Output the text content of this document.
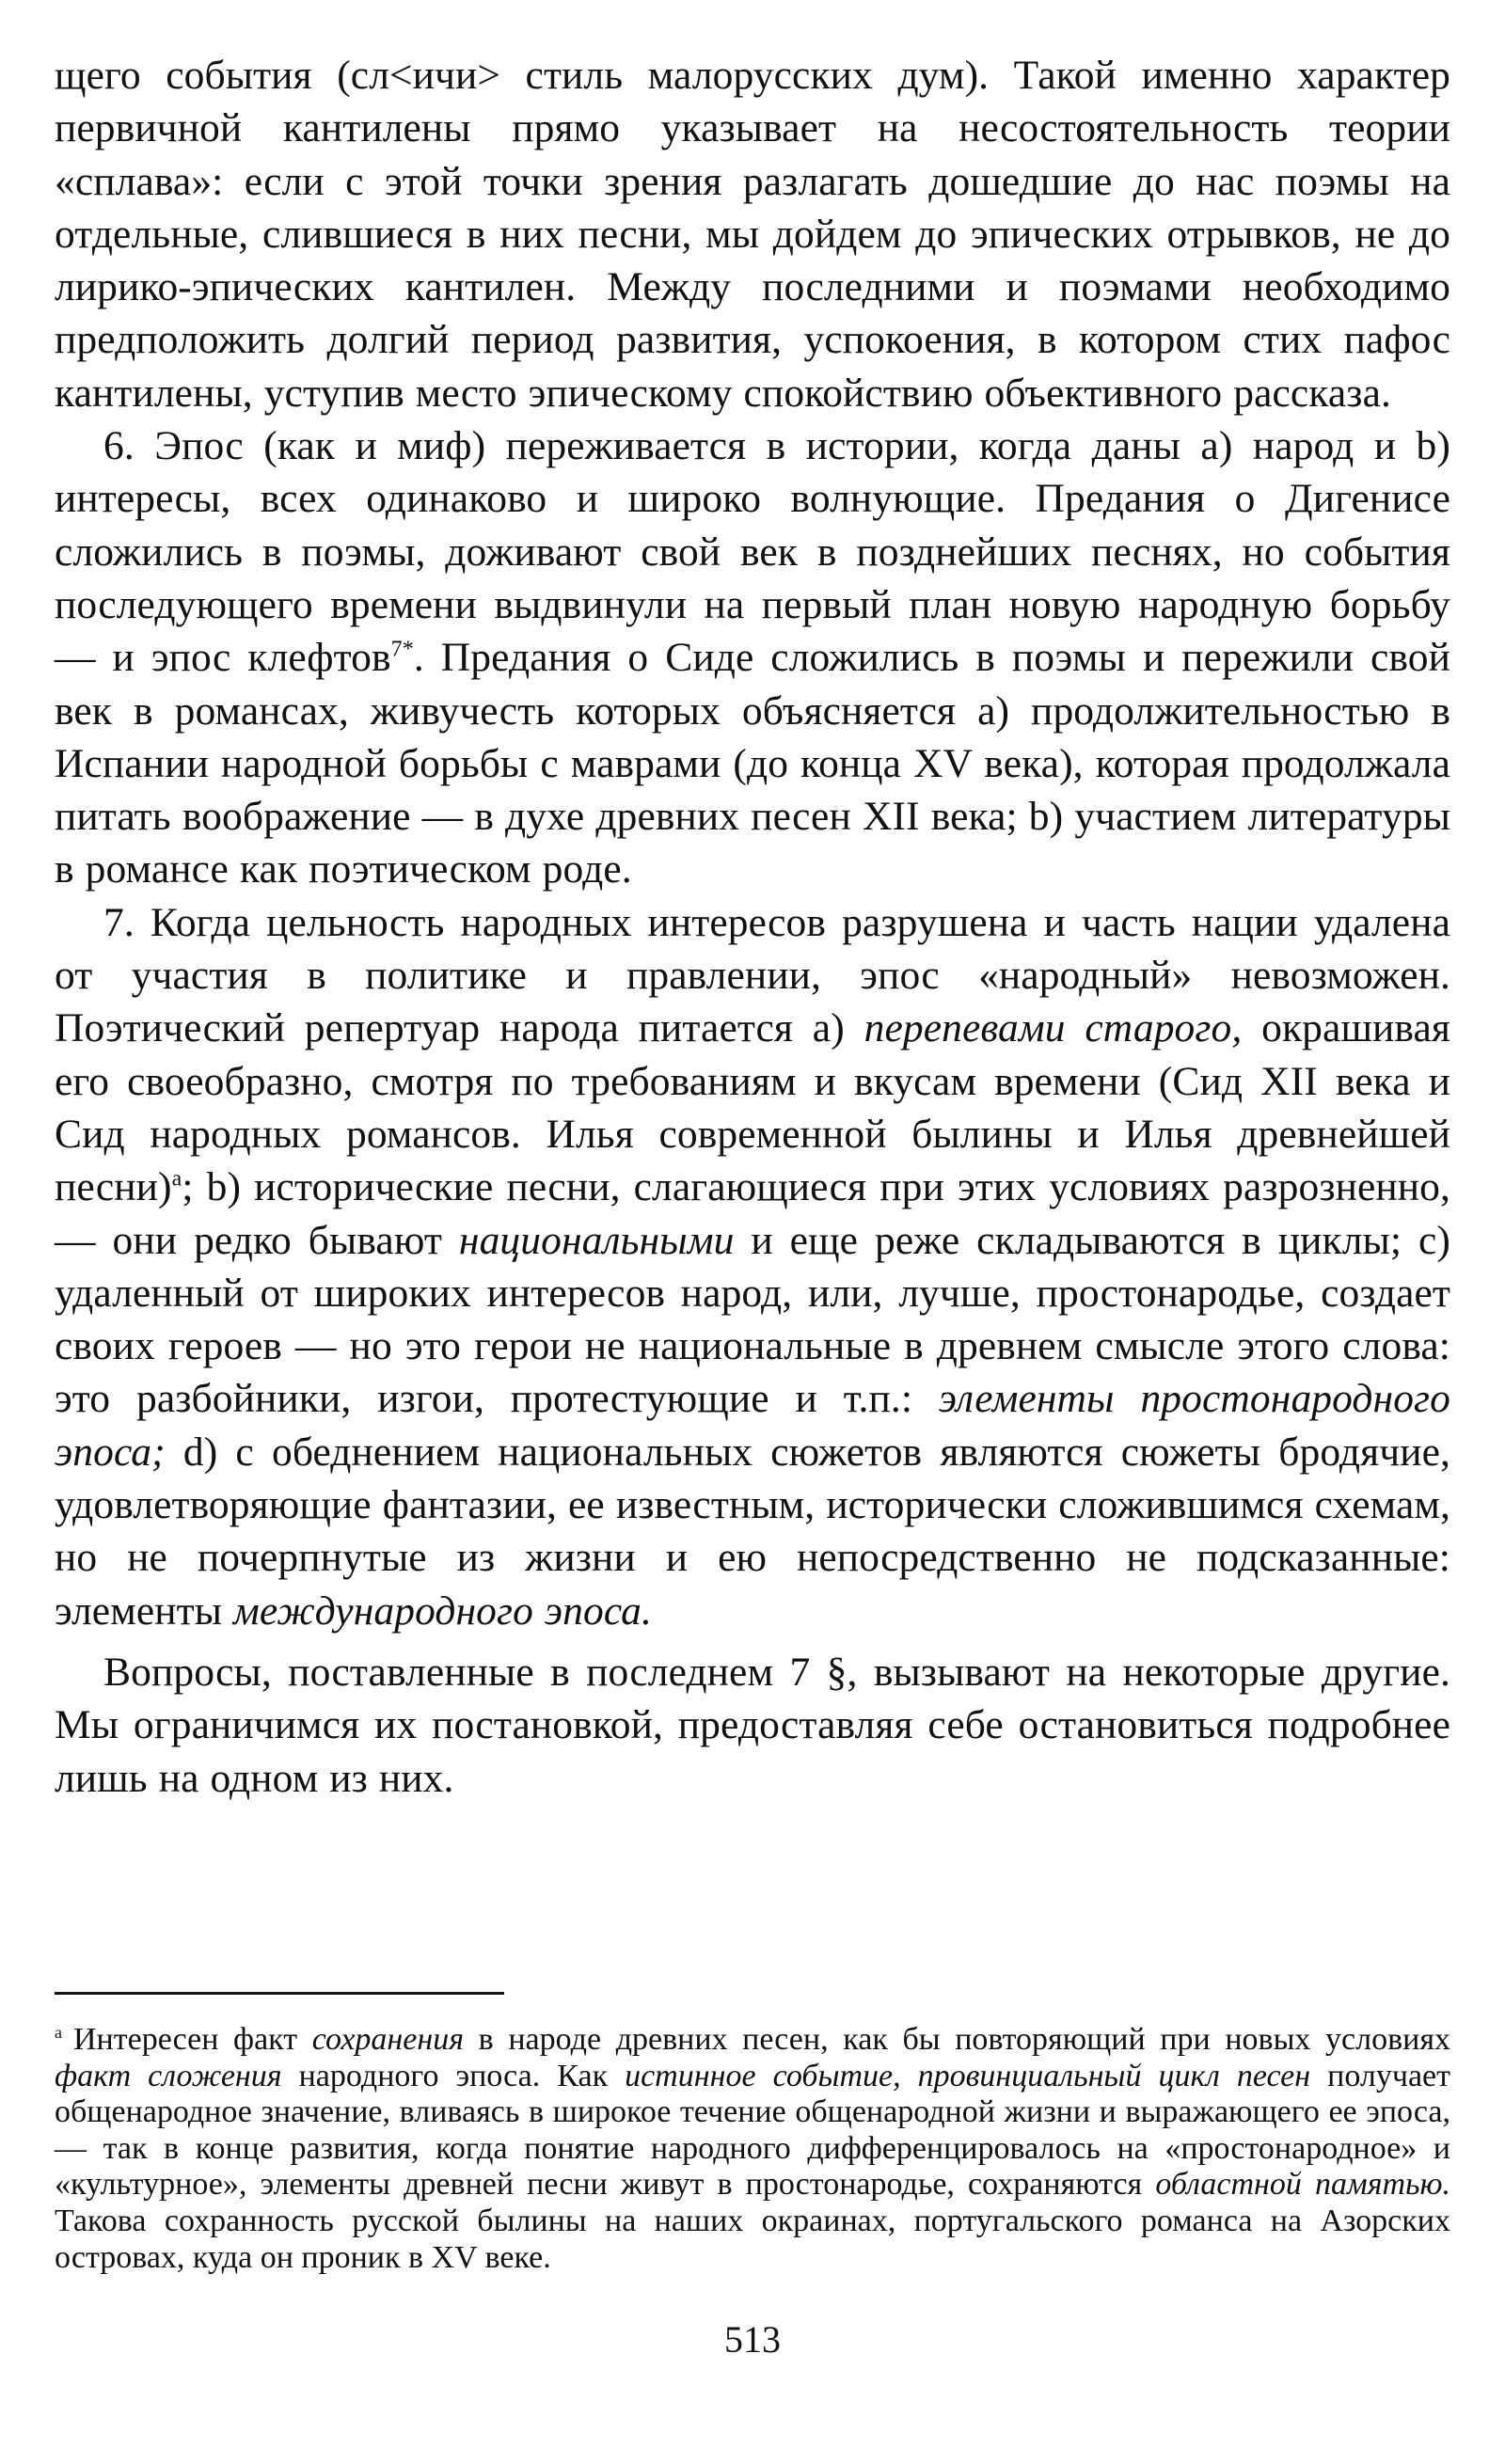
щего события (сл<ичи> стиль малорусских дум). Такой именно характер первичной кантилены прямо указывает на несостоятельность теории «сплава»: если с этой точки зрения разлагать дошедшие до нас поэмы на отдельные, слившиеся в них песни, мы дойдем до эпических отрывков, не до лирико-эпических кантилен. Между последними и поэмами необходимо предположить долгий период развития, успокоения, в котором стих пафос кантилены, уступив место эпическому спокойствию объективного рассказа.

6. Эпос (как и миф) переживается в истории, когда даны а) народ и b) интересы, всех одинаково и широко волнующие. Предания о Дигенисе сложились в поэмы, доживают свой век в позднейших песнях, но события последующего времени выдвинули на первый план новую народную борьбу — и эпос клефтов$^{7*}$. Предания о Сиде сложились в поэмы и пережили свой век в романсах, живучесть которых объясняется а) продолжительностью в Испании народной борьбы с маврами (до конца XV века), которая продолжала питать воображение — в духе древних песен XII века; b) участием литературы в романсе как поэтическом роде.

7. Когда цельность народных интересов разрушена и часть нации удалена от участия в политике и правлении, эпос «народный» невозможен. Поэтический репертуар народа питается а) перепевами старого, окрашивая его своеобразно, смотря по требованиям и вкусам времени (Сид XII века и Сид народных романсов. Илья современной былины и Илья древнейшей песни)$^а$; b) исторические песни, слагающиеся при этих условиях разрозненно, — они редко бывают национальными и еще реже складываются в циклы; с) удаленный от широких интересов народ, или, лучше, простонародье, создает своих героев — но это герои не национальные в древнем смысле этого слова: это разбойники, изгои, протестующие и т.п.: элементы простонародного эпоса; d) с обеднением национальных сюжетов являются сюжеты бродячие, удовлетворяющие фантазии, ее известным, исторически сложившимся схемам, но не почерпнутые из жизни и ею непосредственно не подсказанные: элементы международного эпоса.

Вопросы, поставленные в последнем 7 §, вызывают на некоторые другие. Мы ограничимся их постановкой, предоставляя себе остановиться подробнее лишь на одном из них.

$^а$ Интересен факт сохранения в народе древних песен, как бы повторяющий при новых условиях факт сложения народного эпоса. Как истинное событие, провинциальный цикл песен получает общенародное значение, вливаясь в широкое течение общенародной жизни и выражающего ее эпоса, — так в конце развития, когда понятие народного дифференцировалось на «простонародное» и «культурное», элементы древней песни живут в простонародье, сохраняются областной памятью. Такова сохранность русской былины на наших окраинах, португальского романса на Азорских островах, куда он проник в XV веке.
513
